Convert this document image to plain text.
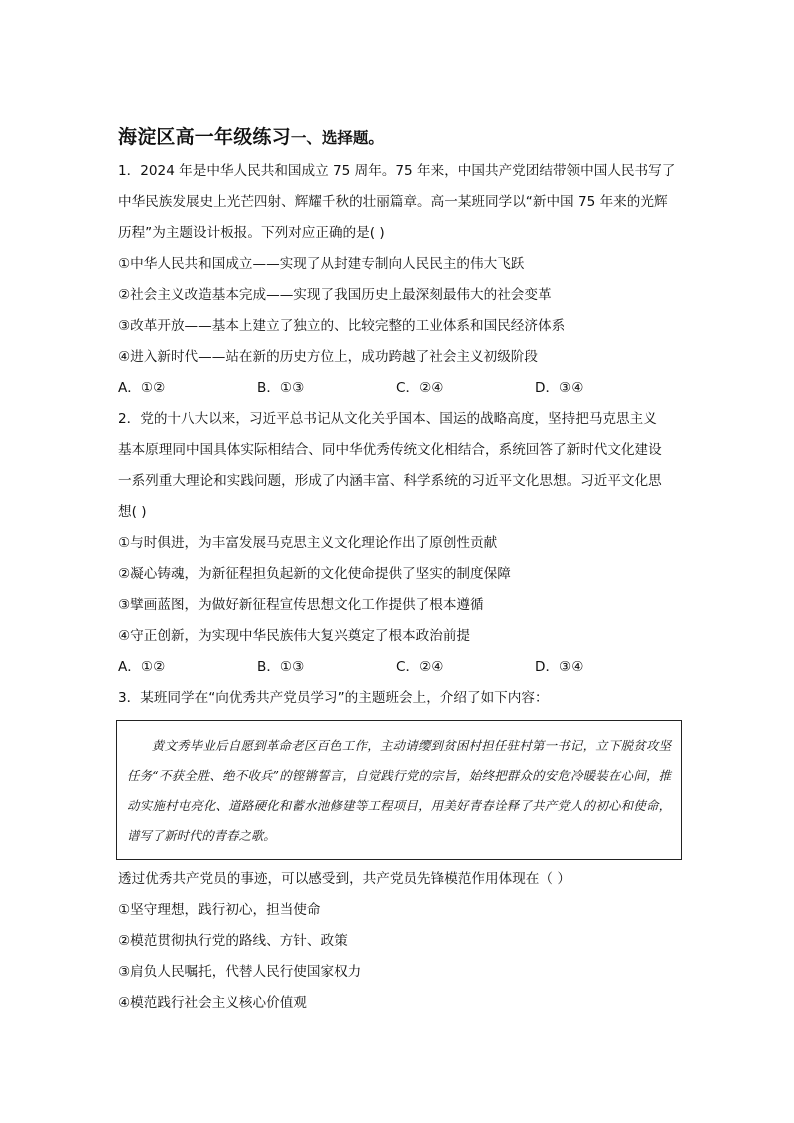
海淀区高一年级练习 一、选择题。
1．2024 年是中华人民共和国成立 75 周年。75 年来，中国共产党团结带领中国人民书写了
中华民族发展史上光芒四射、辉耀千秋的壮丽篇章。高一某班同学以“新中国 75 年来的光辉
历程”为主题设计板报。下列对应正确的是( )
①中华人民共和国成立——实现了从封建专制向人民民主的伟大飞跃
②社会主义改造基本完成——实现了我国历史上最深刻最伟大的社会变革
③改革开放——基本上建立了独立的、比较完整的工业体系和国民经济体系
④进入新时代——站在新的历史方位上，成功跨越了社会主义初级阶段
A．①②	B．①③	C．②④	D．③④
2．党的十八大以来，习近平总书记从文化关乎国本、国运的战略高度，坚持把马克思主义
基本原理同中国具体实际相结合、同中华优秀传统文化相结合，系统回答了新时代文化建设
一系列重大理论和实践问题，形成了内涵丰富、科学系统的习近平文化思想。习近平文化思
想( )
①与时俱进，为丰富发展马克思主义文化理论作出了原创性贡献
②凝心铸魂，为新征程担负起新的文化使命提供了坚实的制度保障
③擘画蓝图，为做好新征程宣传思想文化工作提供了根本遵循
④守正创新，为实现中华民族伟大复兴奠定了根本政治前提
A．①②	B．①③	C．②④	D．③④
3．某班同学在“向优秀共产党员学习”的主题班会上，介绍了如下内容：

黄文秀毕业后自愿到革命老区百色工作，主动请缨到贫困村担任驻村第一书记，立下脱贫攻坚任务“不获全胜、绝不收兵”的铿锵誓言，自觉践行党的宗旨，始终把群众的安危冷暖装在心间，推动实施村屯亮化、道路硬化和蓄水池修建等工程项目，用美好青春诠释了共产党人的初心和使命，谱写了新时代的青春之歌。

透过优秀共产党员的事迹，可以感受到，共产党员先锋模范作用体现在（ ）
①坚守理想，践行初心，担当使命
②模范贯彻执行党的路线、方针、政策
③肩负人民嘱托，代替人民行使国家权力
④模范践行社会主义核心价值观
